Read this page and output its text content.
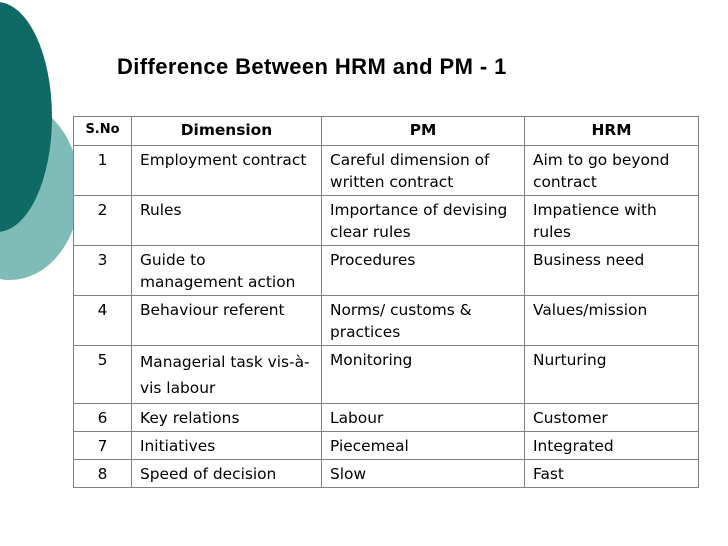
Difference Between HRM and PM - 1
S.No	Dimension	PM	HRM
1	Employment contract	Careful dimension of written contract	Aim to go beyond contract
2	Rules	Importance of devising clear rules	Impatience with rules
3	Guide to management action	Procedures	Business need
4	Behaviour referent	Norms/ customs & practices	Values/mission
5	Managerial task vis-à-vis labour	Monitoring	Nurturing
6	Key relations	Labour	Customer
7	Initiatives	Piecemeal	Integrated
8	Speed of decision	Slow	Fast
